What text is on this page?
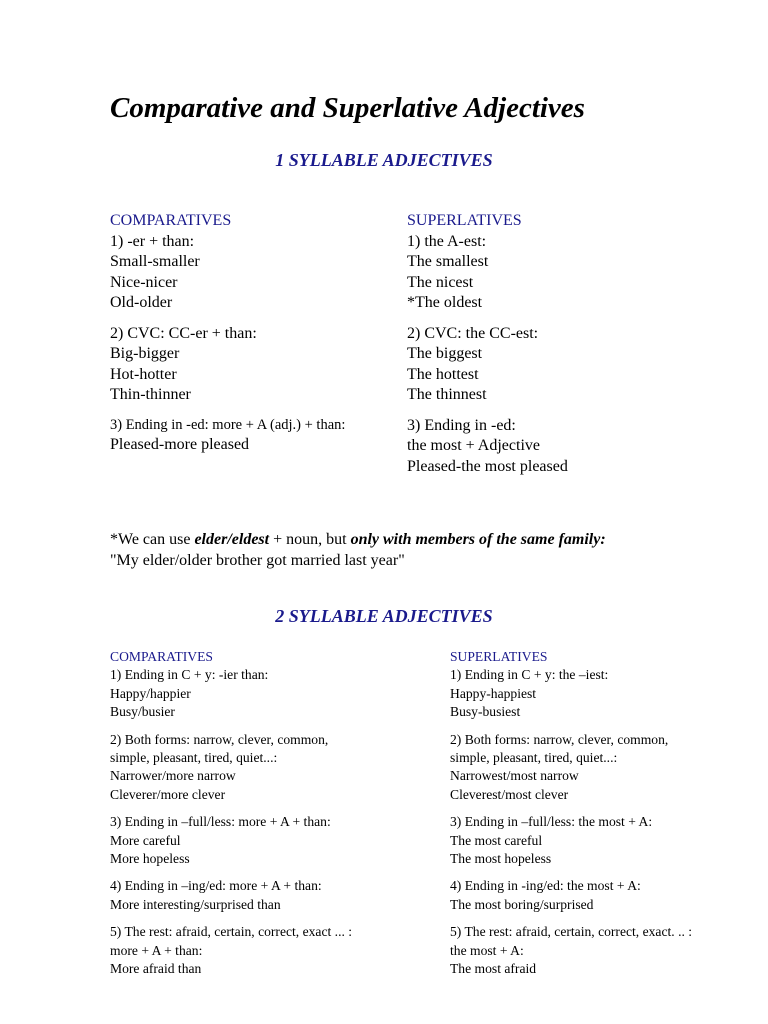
Comparative and Superlative Adjectives
1 SYLLABLE ADJECTIVES
COMPARATIVES
1) -er + than:
Small-smaller
Nice-nicer
Old-older
2) CVC: CC-er + than:
Big-bigger
Hot-hotter
Thin-thinner
3) Ending in -ed: more + A (adj.) + than:
Pleased-more pleased
SUPERLATIVES
1) the A-est:
The smallest
The nicest
*The oldest
2) CVC: the CC-est:
The biggest
The hottest
The thinnest
3) Ending in -ed:
the most + Adjective
Pleased-the most pleased
*We can use elder/eldest + noun, but only with members of the same family:
"My elder/older brother got married last year"
2 SYLLABLE ADJECTIVES
COMPARATIVES
1) Ending in C + y: -ier than:
Happy/happier
Busy/busier
2) Both forms: narrow, clever, common,
simple, pleasant, tired, quiet...:
Narrower/more narrow
Cleverer/more clever
3) Ending in –full/less: more + A + than:
More careful
More hopeless
4) Ending in –ing/ed: more + A + than:
More interesting/surprised than
5) The rest: afraid, certain, correct, exact ... :
more + A + than:
More afraid than
SUPERLATIVES
1) Ending in C + y: the –iest:
Happy-happiest
Busy-busiest
2) Both forms: narrow, clever, common,
simple, pleasant, tired, quiet...:
Narrowest/most narrow
Cleverest/most clever
3) Ending in –full/less: the most + A:
The most careful
The most hopeless
4) Ending in -ing/ed: the most + A:
The most boring/surprised
5) The rest: afraid, certain, correct, exact. .. :
the most + A:
The most afraid
